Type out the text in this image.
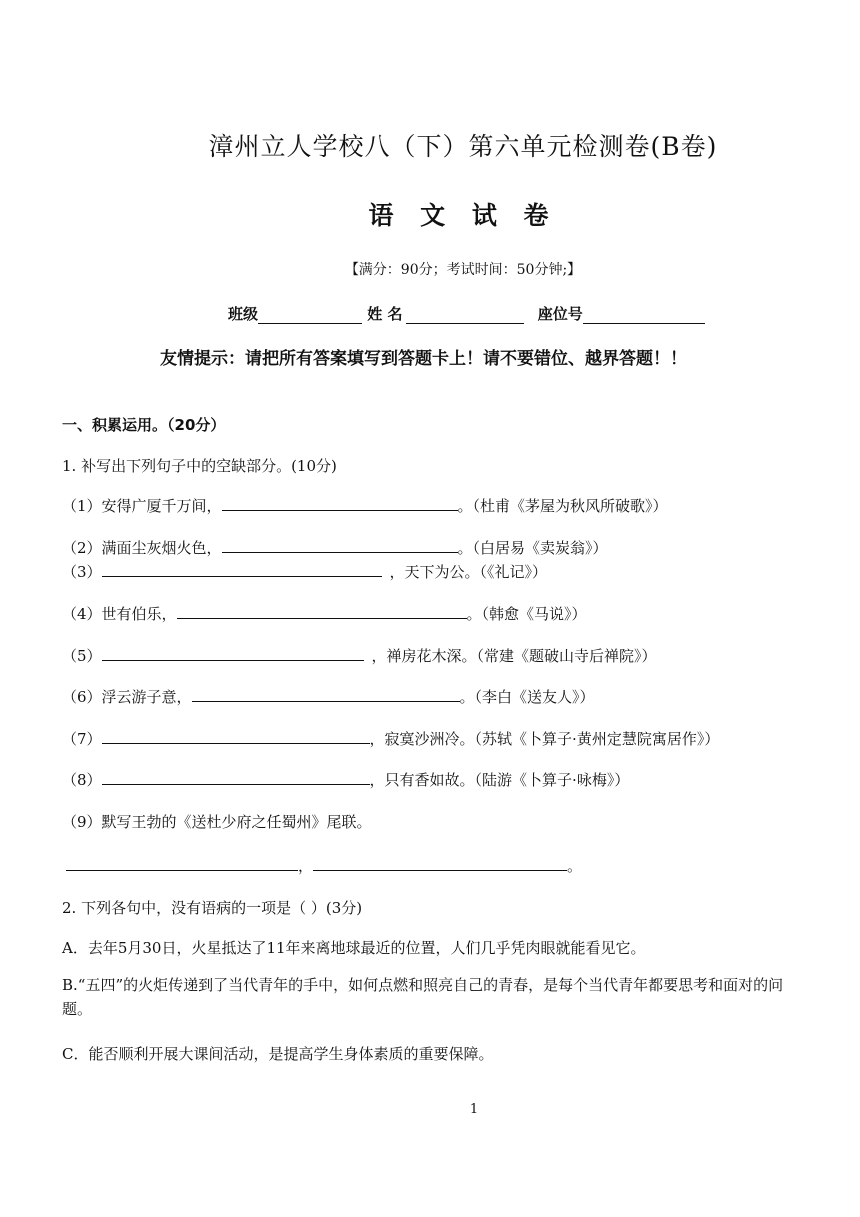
漳州立人学校八（下）第六单元检测卷(B卷)
语 文 试 卷
【满分：90分；考试时间：50分钟;】
班级	姓 名	座位号
友情提示：请把所有答案填写到答题卡上！请不要错位、越界答题！！
一、积累运用。（20分）
1. 补写出下列句子中的空缺部分。(10分)
（1）安得广厦千万间，	。（杜甫《茅屋为秋风所破歌》）
（2）满面尘灰烟火色，	。（白居易《卖炭翁》）
（3）	，天下为公。（《礼记》）
（4）世有伯乐，	。（韩愈《马说》）
（5）	，禅房花木深。（常建《题破山寺后禅院》）
（6）浮云游子意，	。（李白《送友人》）
（7）	，寂寞沙洲冷。（苏轼《卜算子·黄州定慧院寓居作》）
（8）	，只有香如故。（陆游《卜算子·咏梅》）
（9）默写王勃的《送杜少府之任蜀州》尾联。
，	。
2. 下列各句中，没有语病的一项是（ ）(3分)
A．去年5月30日，火星抵达了11年来离地球最近的位置，人们几乎凭肉眼就能看见它。
B.“五四”的火炬传递到了当代青年的手中，如何点燃和照亮自己的青春，是每个当代青年都要思考和面对的问题。
C．能否顺利开展大课间活动，是提高学生身体素质的重要保障。
1
